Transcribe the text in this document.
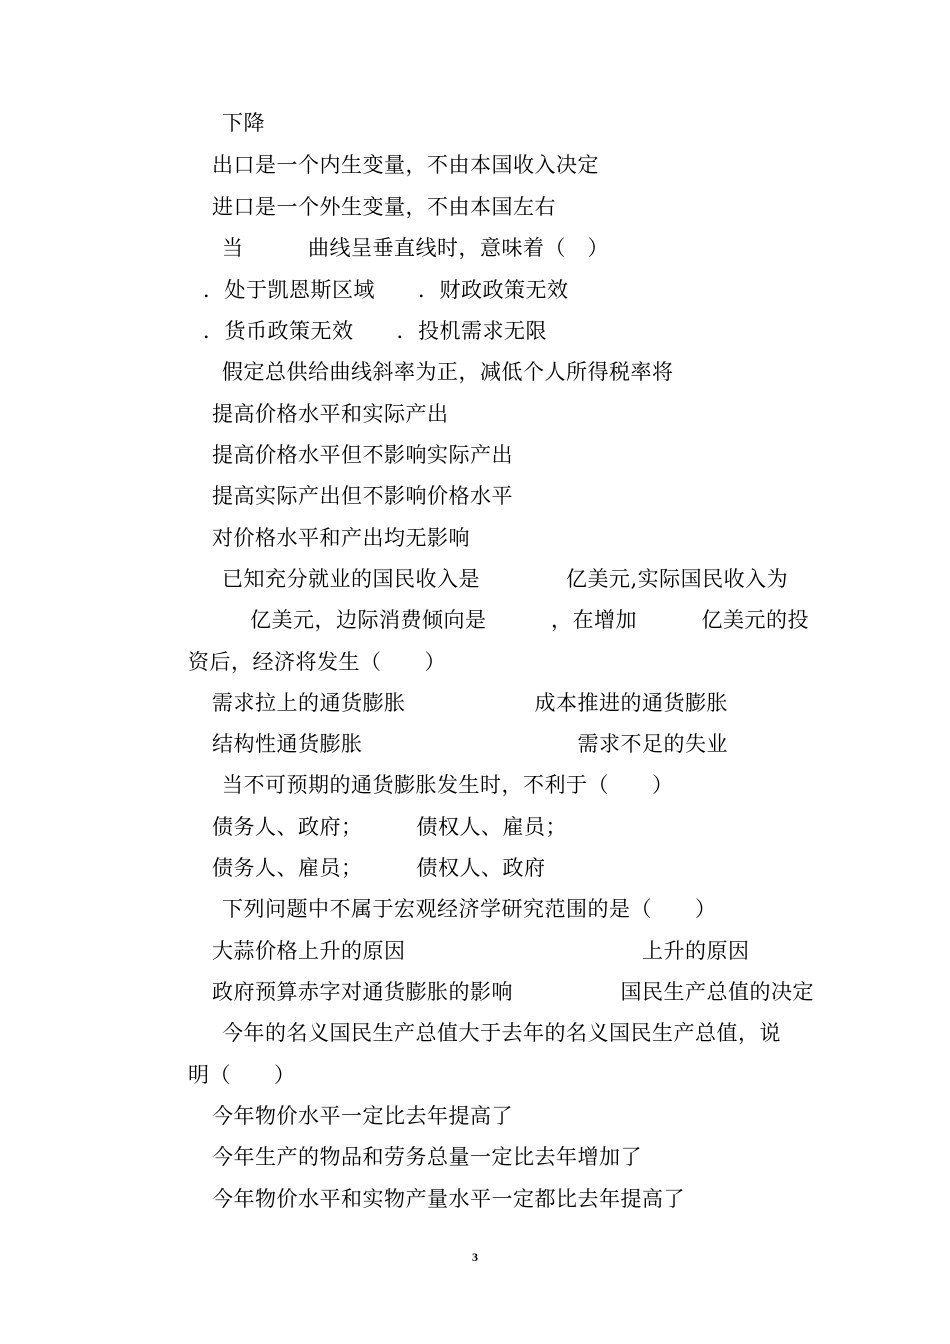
下降

出口是一个内生变量，不由本国收入决定

进口是一个外生变量，不由本国左右

当　　　曲线呈垂直线时，意味着（　）

．处于凯恩斯区域　　．财政政策无效

．货币政策无效　　．投机需求无限

假定总供给曲线斜率为正，减低个人所得税率将

提高价格水平和实际产出

提高价格水平但不影响实际产出

提高实际产出但不影响价格水平

对价格水平和产出均无影响

已知充分就业的国民收入是　　　　亿美元,实际国民收入为

亿美元，边际消费倾向是　　　，在增加　　　亿美元的投

资后，经济将发生（　　）

需求拉上的通货膨胀　　　　　　成本推进的通货膨胀

结构性通货膨胀　　　　　　　　　　需求不足的失业

当不可预期的通货膨胀发生时，不利于（　　）

债务人、政府；　　　债权人、雇员；

债务人、雇员；　　　债权人、政府

下列问题中不属于宏观经济学研究范围的是（　　）

大蒜价格上升的原因　　　　　　　　　　　上升的原因

政府预算赤字对通货膨胀的影响　　　　　国民生产总值的决定

今年的名义国民生产总值大于去年的名义国民生产总值，说

明（　　）

今年物价水平一定比去年提高了

今年生产的物品和劳务总量一定比去年增加了

今年物价水平和实物产量水平一定都比去年提高了

3
